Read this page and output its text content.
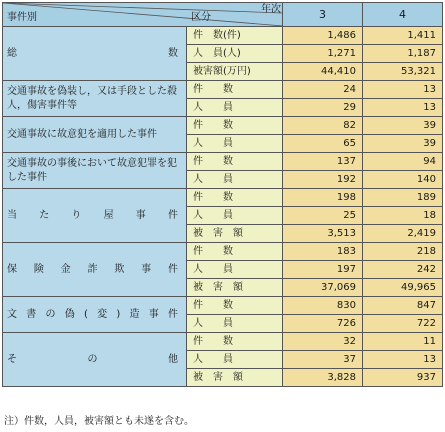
事件別 区分
年次		3	4
総　　　　　数	件　数(件)	1,486	1,411

人　員(人)	1,271	1,187

被害額(万円)	44,410	53,321
交通事故を偽装し，又は手段とした殺人，傷害事件等	件　　数	24	13

人　　員	29	13
交通事故に故意犯を適用した事件	件　　数	82	39

人　　員	65	39
交通事故の事後において故意犯罪を犯した事件	件　　数	137	94

人　　員	192	140
当たり屋事件	件　　数	198	189

人　　員	25	18

被　害　額	3,513	2,419
保険金詐欺事件	件　　数	183	218

人　　員	197	242

被　害　額	37,069	49,965
文書の偽(変)造事件	件　　数	830	847

人　　員	726	722
そ　　の　　他	件　　数	32	11

人　　員	37	13

被　害　額	3,828	937
注）件数，人員，被害額とも未遂を含む。
